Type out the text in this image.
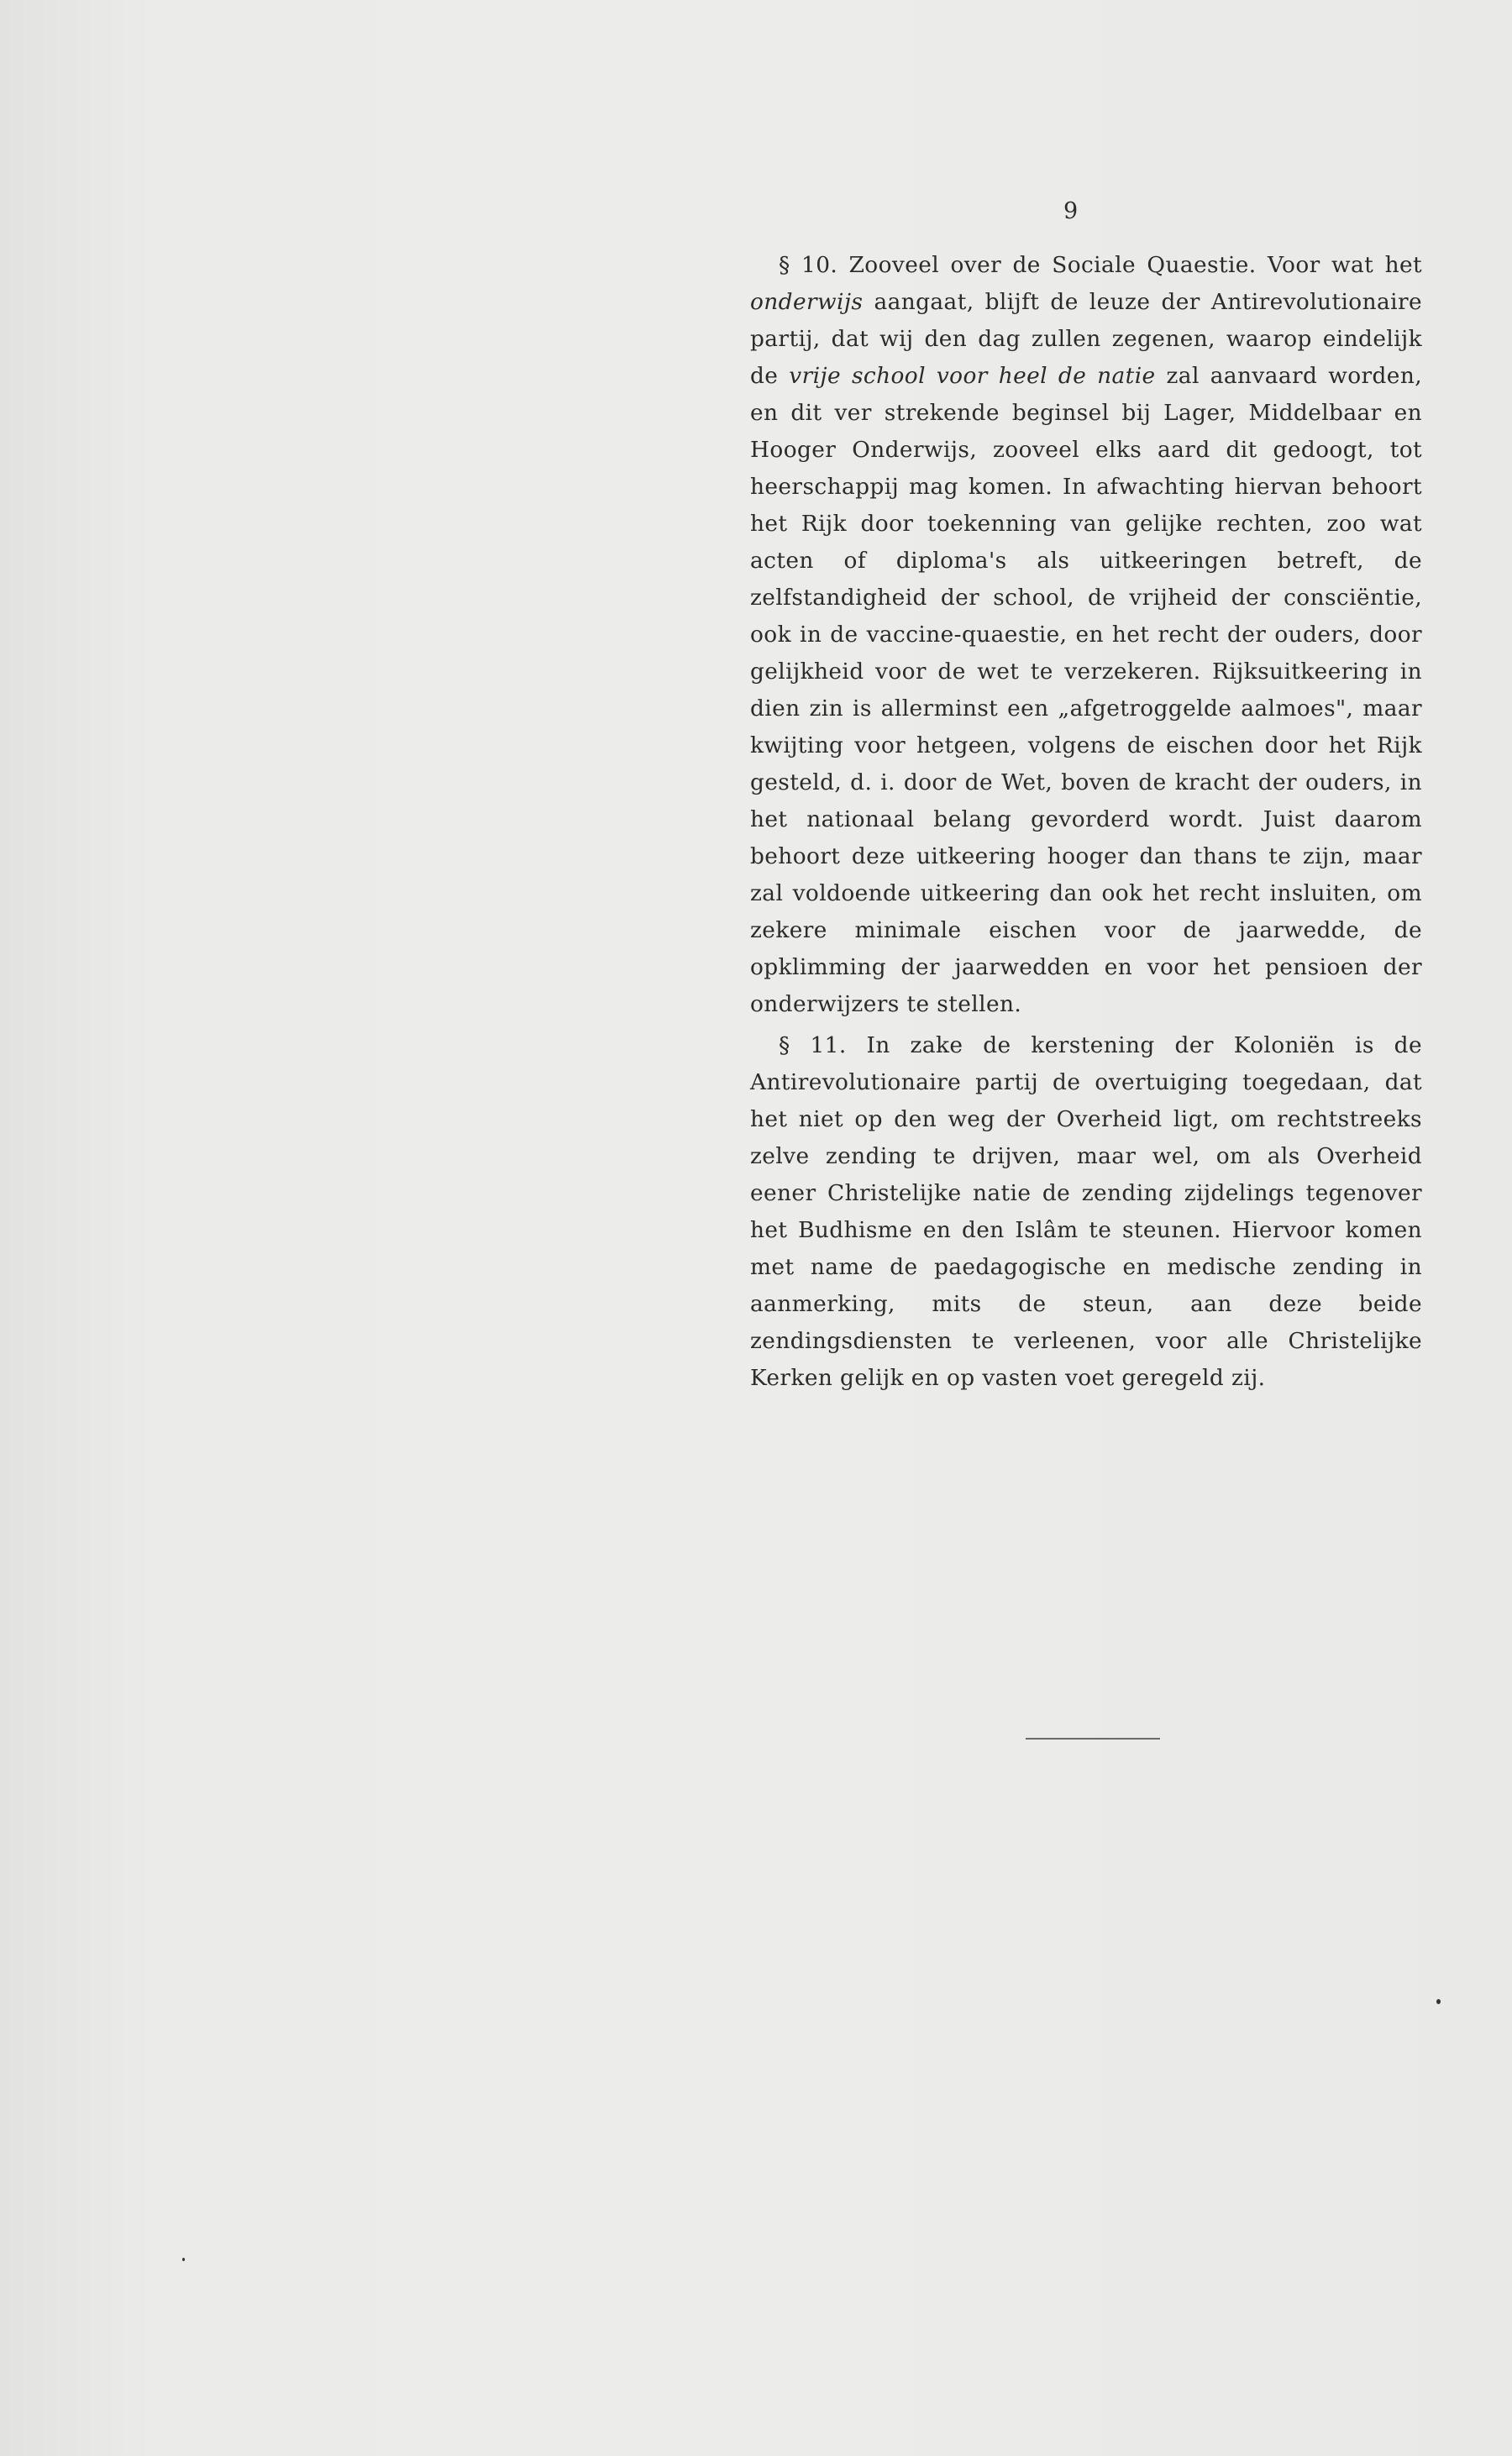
9

§ 10. Zooveel over de Sociale Quaestie. Voor wat het onderwijs aangaat, blijft de leuze der Antirevolutionaire partij, dat wij den dag zullen zegenen, waarop eindelijk de vrije school voor heel de natie zal aanvaard worden, en dit ver strekende beginsel bij Lager, Middelbaar en Hooger Onderwijs, zooveel elks aard dit gedoogt, tot heerschappij mag komen. In afwachting hiervan behoort het Rijk door toekenning van gelijke rechten, zoo wat acten of diploma's als uitkeeringen betreft, de zelfstandigheid der school, de vrijheid der consciëntie, ook in de vaccine-quaestie, en het recht der ouders, door gelijkheid voor de wet te verzekeren. Rijksuitkeering in dien zin is allerminst een „afgetroggelde aalmoes", maar kwijting voor hetgeen, volgens de eischen door het Rijk gesteld, d. i. door de Wet, boven de kracht der ouders, in het nationaal belang gevorderd wordt. Juist daarom behoort deze uitkeering hooger dan thans te zijn, maar zal voldoende uitkeering dan ook het recht insluiten, om zekere minimale eischen voor de jaarwedde, de opklimming der jaarwedden en voor het pensioen der onderwijzers te stellen.

§ 11. In zake de kerstening der Koloniën is de Antirevolutionaire partij de overtuiging toegedaan, dat het niet op den weg der Overheid ligt, om rechtstreeks zelve zending te drijven, maar wel, om als Overheid eener Christelijke natie de zending zijdelings tegenover het Budhisme en den Islâm te steunen. Hiervoor komen met name de paedagogische en medische zending in aanmerking, mits de steun, aan deze beide zendingsdiensten te verleenen, voor alle Christelijke Kerken gelijk en op vasten voet geregeld zij.
